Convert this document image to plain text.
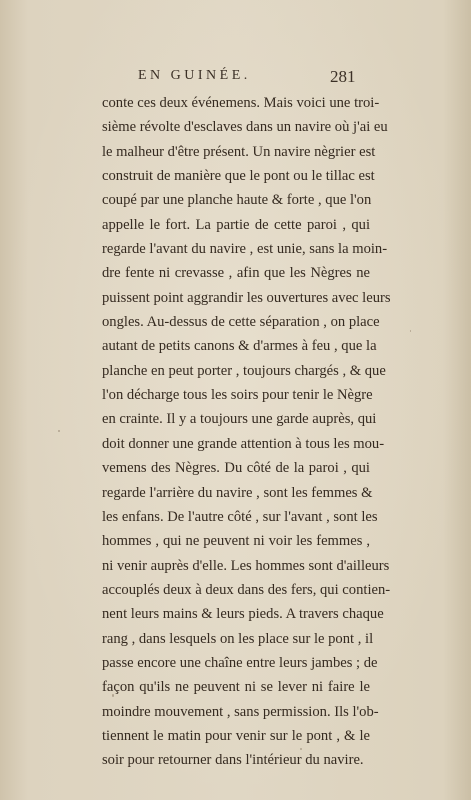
EN GUINÉE.	281
conte ces deux événemens. Mais voici une troi-
sième révolte d'esclaves dans un navire où j'ai eu
le malheur d'être présent. Un navire nègrier est
construit de manière que le pont ou le tillac est
coupé par une planche haute & forte , que l'on
appelle le fort. La partie de cette paroi , qui
regarde l'avant du navire , est unie, sans la moin-
dre fente ni crevasse , afin que les Nègres ne
puissent point aggrandir les ouvertures avec leurs
ongles. Au-dessus de cette séparation , on place
autant de petits canons & d'armes à feu , que la
planche en peut porter , toujours chargés , & que
l'on décharge tous les soirs pour tenir le Nègre
en crainte. Il y a toujours une garde auprès, qui
doit donner une grande attention à tous les mou-
vemens des Nègres. Du côté de la paroi , qui
regarde l'arrière du navire , sont les femmes &
les enfans. De l'autre côté , sur l'avant , sont les
hommes , qui ne peuvent ni voir les femmes ,
ni venir auprès d'elle. Les hommes sont d'ailleurs
accouplés deux à deux dans des fers, qui contien-
nent leurs mains & leurs pieds. A travers chaque
rang , dans lesquels on les place sur le pont , il
passe encore une chaîne entre leurs jambes ; de
façon qu'ils ne peuvent ni se lever ni faire le
moindre mouvement , sans permission. Ils l'ob-
tiennent le matin pour venir sur le pont , & le
soir pour retourner dans l'intérieur du navire.
